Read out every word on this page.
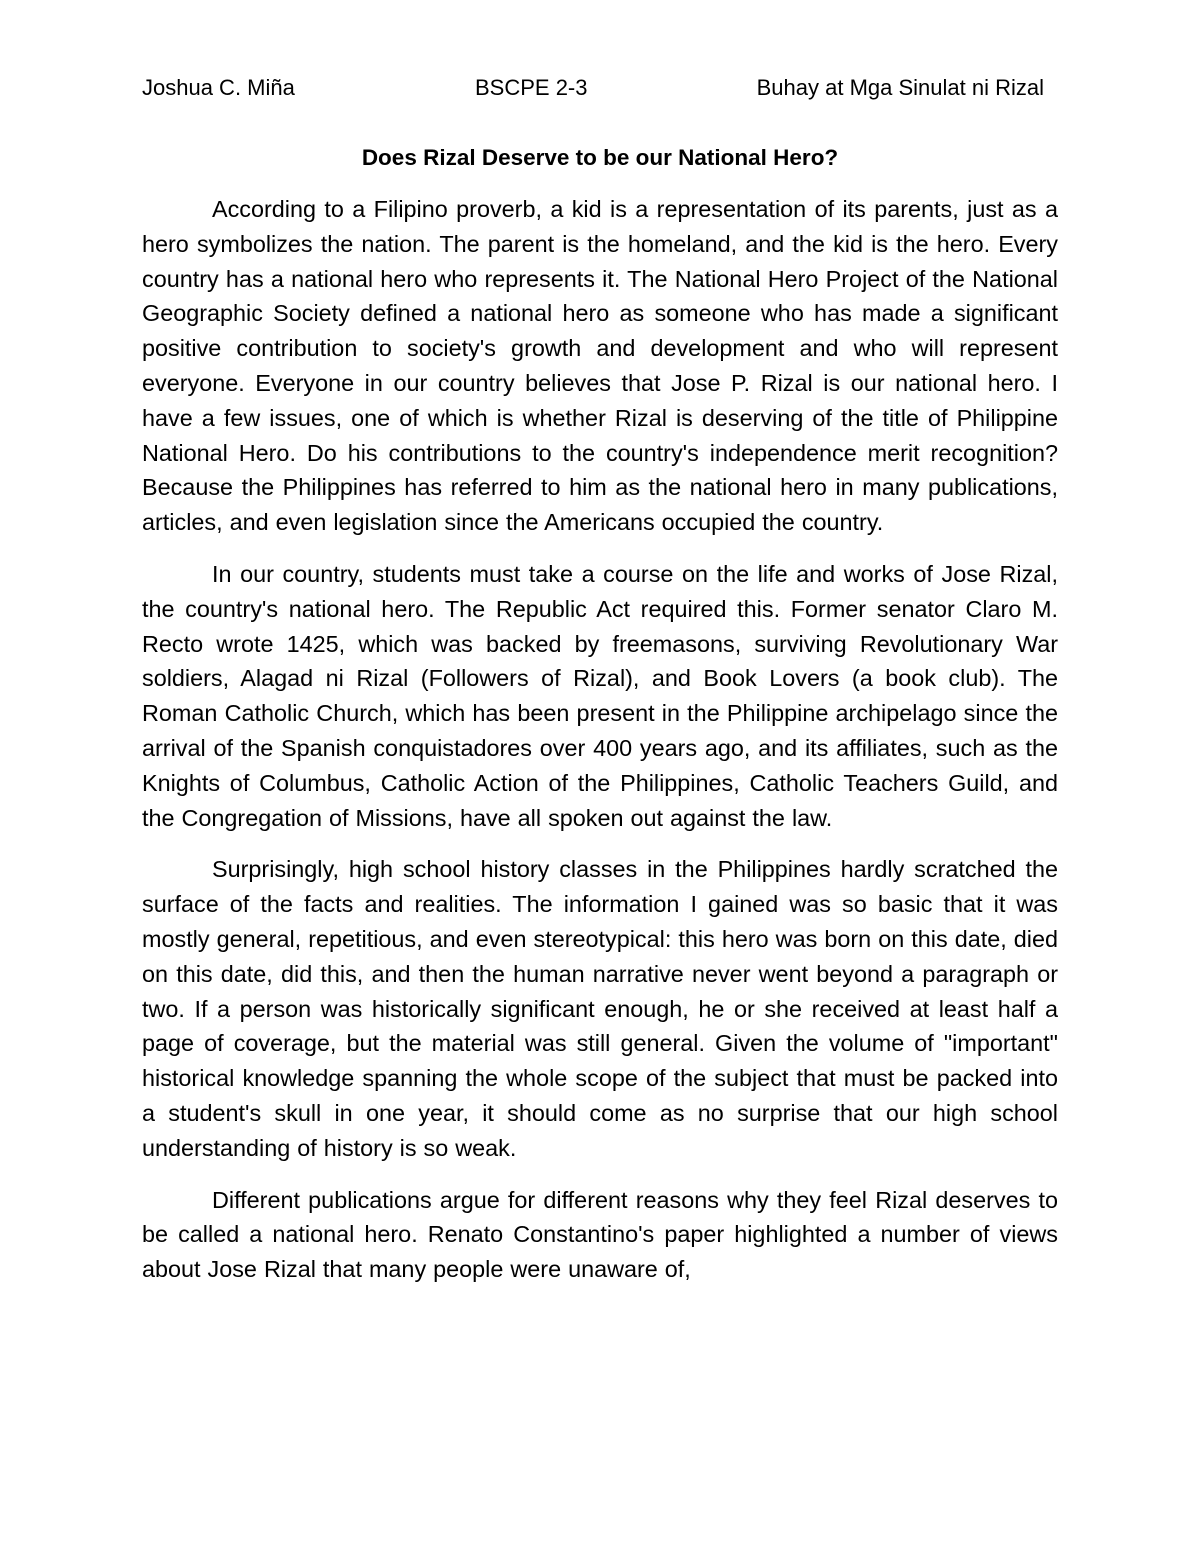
Joshua C. Miña	BSCPE 2-3	Buhay at Mga Sinulat ni Rizal
Does Rizal Deserve to be our National Hero?

According to a Filipino proverb, a kid is a representation of its parents, just as a hero symbolizes the nation. The parent is the homeland, and the kid is the hero. Every country has a national hero who represents it. The National Hero Project of the National Geographic Society defined a national hero as someone who has made a significant positive contribution to society's growth and development and who will represent everyone. Everyone in our country believes that Jose P. Rizal is our national hero. I have a few issues, one of which is whether Rizal is deserving of the title of Philippine National Hero. Do his contributions to the country's independence merit recognition? Because the Philippines has referred to him as the national hero in many publications, articles, and even legislation since the Americans occupied the country.

In our country, students must take a course on the life and works of Jose Rizal, the country's national hero. The Republic Act required this. Former senator Claro M. Recto wrote 1425, which was backed by freemasons, surviving Revolutionary War soldiers, Alagad ni Rizal (Followers of Rizal), and Book Lovers (a book club). The Roman Catholic Church, which has been present in the Philippine archipelago since the arrival of the Spanish conquistadores over 400 years ago, and its affiliates, such as the Knights of Columbus, Catholic Action of the Philippines, Catholic Teachers Guild, and the Congregation of Missions, have all spoken out against the law.

Surprisingly, high school history classes in the Philippines hardly scratched the surface of the facts and realities. The information I gained was so basic that it was mostly general, repetitious, and even stereotypical: this hero was born on this date, died on this date, did this, and then the human narrative never went beyond a paragraph or two. If a person was historically significant enough, he or she received at least half a page of coverage, but the material was still general. Given the volume of "important" historical knowledge spanning the whole scope of the subject that must be packed into a student's skull in one year, it should come as no surprise that our high school understanding of history is so weak.

Different publications argue for different reasons why they feel Rizal deserves to be called a national hero. Renato Constantino's paper highlighted a number of views about Jose Rizal that many people were unaware of,
